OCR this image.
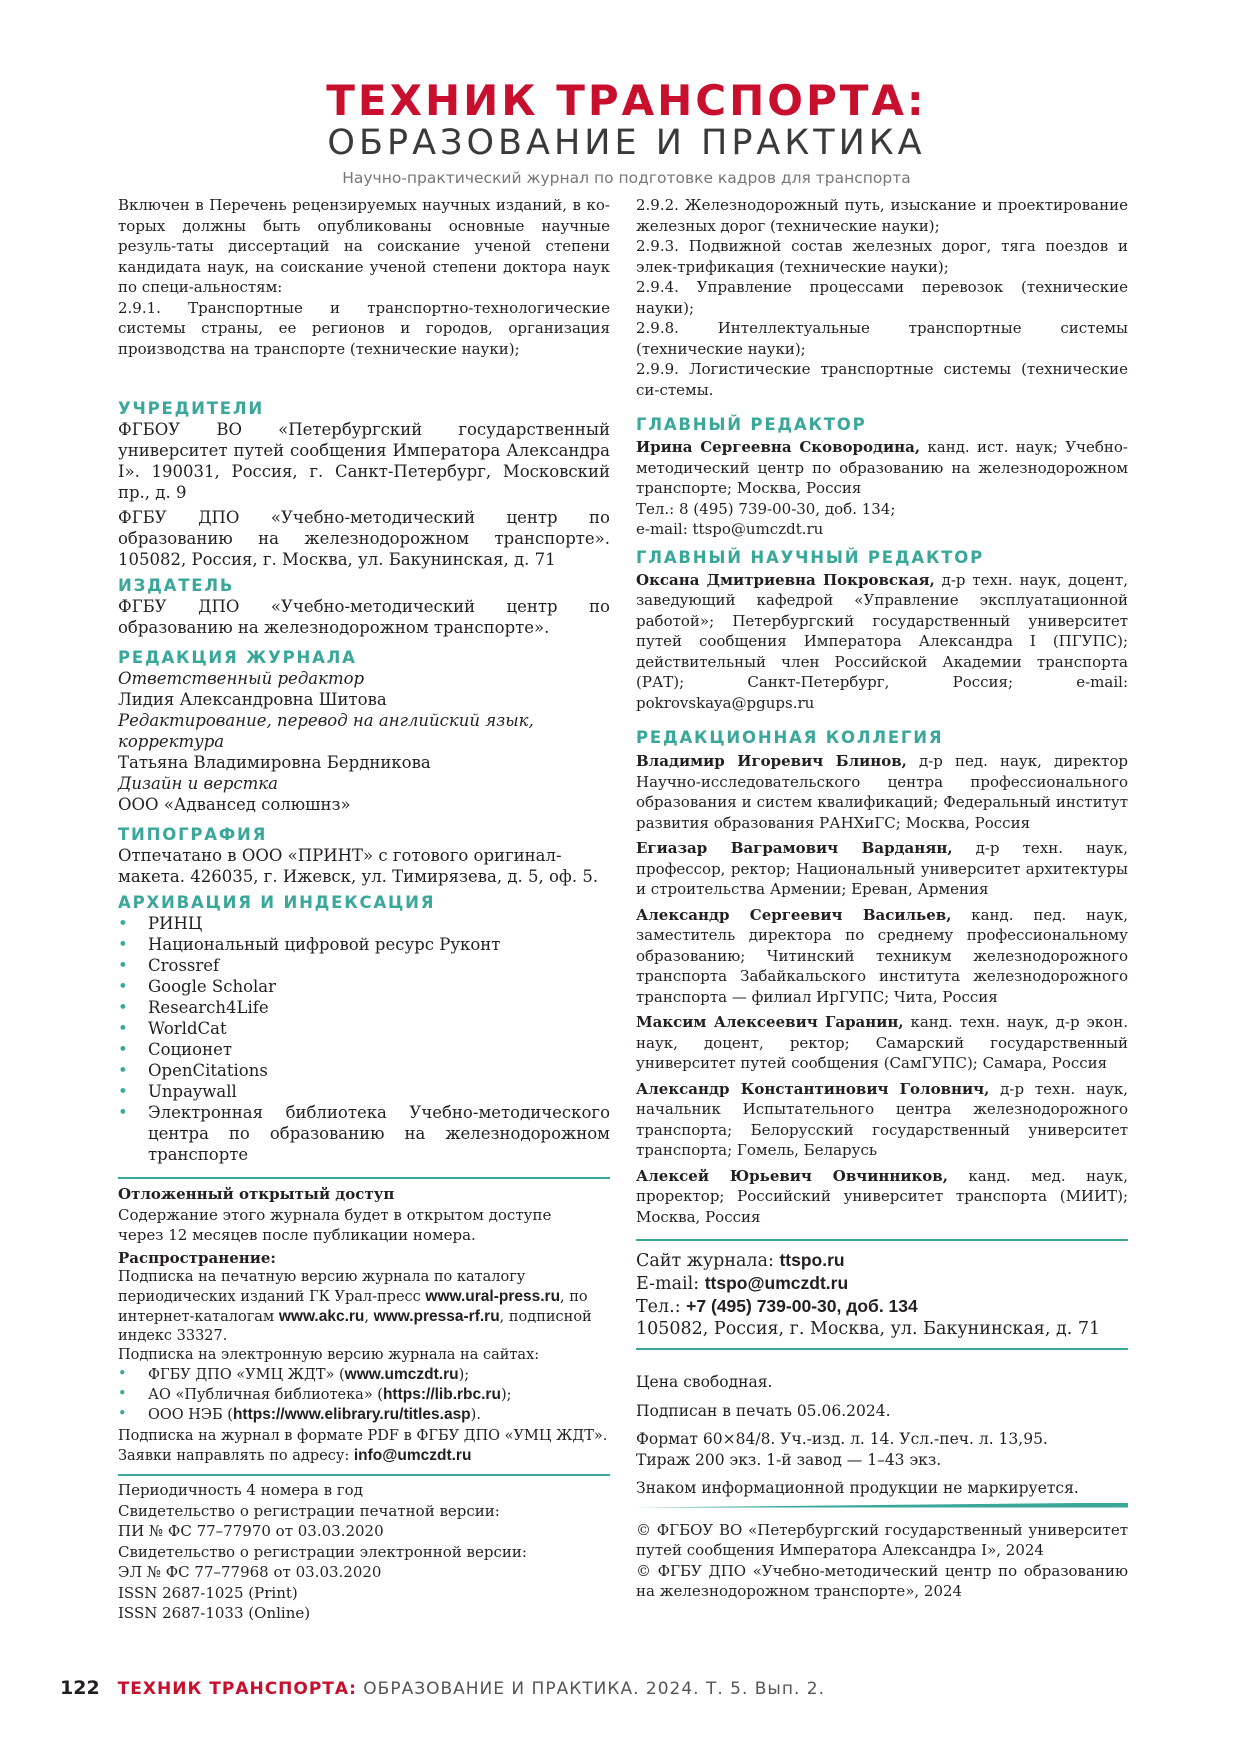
ТЕХНИК ТРАНСПОРТА:
ОБРАЗОВАНИЕ И ПРАКТИКА
Научно-практический журнал по подготовке кадров для транспорта

Включен в Перечень рецензируемых научных изданий, в ко-торых должны быть опубликованы основные научные резуль-таты диссертаций на соискание ученой степени кандидата наук, на соискание ученой степени доктора наук по специ-альностям:

2.9.1. Транспортные и транспортно-технологические системы страны, ее регионов и городов, организация производства на транспорте (технические науки);

УЧРЕДИТЕЛИ

ФГБОУ ВО «Петербургский государственный университет путей сообщения Императора Александра I». 190031, Россия, г. Санкт-Петербург, Московский пр., д. 9

ФГБУ ДПО «Учебно-методический центр по образованию на железнодорожном транспорте». 105082, Россия, г. Москва, ул. Бакунинская, д. 71

ИЗДАТЕЛЬ

ФГБУ ДПО «Учебно-методический центр по образованию на железнодорожном транспорте».

РЕДАКЦИЯ ЖУРНАЛА

Ответственный редактор

Лидия Александровна Шитова

Редактирование, перевод на английский язык, корректура

Татьяна Владимировна Бердникова

Дизайн и верстка

ООО «Адвансед солюшнз»

ТИПОГРАФИЯ

Отпечатано в ООО «ПРИНТ» с готового оригинал-макета. 426035, г. Ижевск, ул. Тимирязева, д. 5, оф. 5.

АРХИВАЦИЯ И ИНДЕКСАЦИЯ
• РИНЦ
• Национальный цифровой ресурс Руконт
• Crossref
• Google Scholar
• Research4Life
• WorldCat
• Соционет
• OpenCitations
• Unpaywall
• Электронная библиотека Учебно-методического центра по образованию на железнодорожном транспорте

Отложенный открытый доступ

Содержание этого журнала будет в открытом доступе через 12 месяцев после публикации номера.

Распространение:

Подписка на печатную версию журнала по каталогу периодических изданий ГК Урал-пресс www.ural-press.ru, по интернет-каталогам www.akc.ru, www.pressa-rf.ru, подписной индекс 33327.

Подписка на электронную версию журнала на сайтах:

• ФГБУ ДПО «УМЦ ЖДТ» (www.umczdt.ru);
• АО «Публичная библиотека» (https://lib.rbc.ru);
• ООО НЭБ (https://www.elibrary.ru/titles.asp).

Подписка на журнал в формате PDF в ФГБУ ДПО «УМЦ ЖДТ». Заявки направлять по адресу: info@umczdt.ru

Периодичность 4 номера в год

Свидетельство о регистрации печатной версии:

ПИ № ФС 77–77970 от 03.03.2020

Свидетельство о регистрации электронной версии:

ЭЛ № ФС 77–77968 от 03.03.2020

ISSN 2687-1025 (Print)

ISSN 2687-1033 (Online)

2.9.2. Железнодорожный путь, изыскание и проектирование железных дорог (технические науки);

2.9.3. Подвижной состав железных дорог, тяга поездов и элек-трификация (технические науки);

2.9.4. Управление процессами перевозок (технические науки);

2.9.8. Интеллектуальные транспортные системы (технические науки);

2.9.9. Логистические транспортные системы (технические си-стемы.

ГЛАВНЫЙ РЕДАКТОР

Ирина Сергеевна Сковородина, канд. ист. наук; Учебно-методический центр по образованию на железнодорожном транспорте; Москва, Россия

Тел.: 8 (495) 739-00-30, доб. 134;

e-mail: ttspo@umczdt.ru

ГЛАВНЫЙ НАУЧНЫЙ РЕДАКТОР

Оксана Дмитриевна Покровская, д-р техн. наук, доцент, заведующий кафедрой «Управление эксплуатационной работой»; Петербургский государственный университет путей сообщения Императора Александра I (ПГУПС); действительный член Российской Академии транспорта (РАТ); Санкт-Петербург, Россия; e-mail: pokrovskaya@pgups.ru

РЕДАКЦИОННАЯ КОЛЛЕГИЯ

Владимир Игоревич Блинов, д-р пед. наук, директор Научно-исследовательского центра профессионального образования и систем квалификаций; Федеральный институт развития образования РАНХиГС; Москва, Россия

Егиазар Ваграмович Варданян, д-р техн. наук, профессор, ректор; Национальный университет архитектуры и строительства Армении; Ереван, Армения

Александр Сергеевич Васильев, канд. пед. наук, заместитель директора по среднему профессиональному образованию; Читинский техникум железнодорожного транспорта Забайкальского института железнодорожного транспорта — филиал ИрГУПС; Чита, Россия

Максим Алексеевич Гаранин, канд. техн. наук, д-р экон. наук, доцент, ректор; Самарский государственный университет путей сообщения (СамГУПС); Самара, Россия

Александр Константинович Головнич, д-р техн. наук, начальник Испытательного центра железнодорожного транспорта; Белорусский государственный университет транспорта; Гомель, Беларусь

Алексей Юрьевич Овчинников, канд. мед. наук, проректор; Российский университет транспорта (МИИТ); Москва, Россия

Сайт журнала: ttspo.ru

E-mail: ttspo@umczdt.ru

Тел.: +7 (495) 739-00-30, доб. 134

105082, Россия, г. Москва, ул. Бакунинская, д. 71

Цена свободная.

Подписан в печать 05.06.2024.

Формат 60×84/8. Уч.-изд. л. 14. Усл.-печ. л. 13,95.

Тираж 200 экз. 1-й завод — 1–43 экз.

Знаком информационной продукции не маркируется.

© ФГБОУ ВО «Петербургский государственный университет путей сообщения Императора Александра I», 2024

© ФГБУ ДПО «Учебно-методический центр по образованию на железнодорожном транспорте», 2024

122 ТЕХНИК ТРАНСПОРТА: ОБРАЗОВАНИЕ И ПРАКТИКА. 2024. Т. 5. Вып. 2.
